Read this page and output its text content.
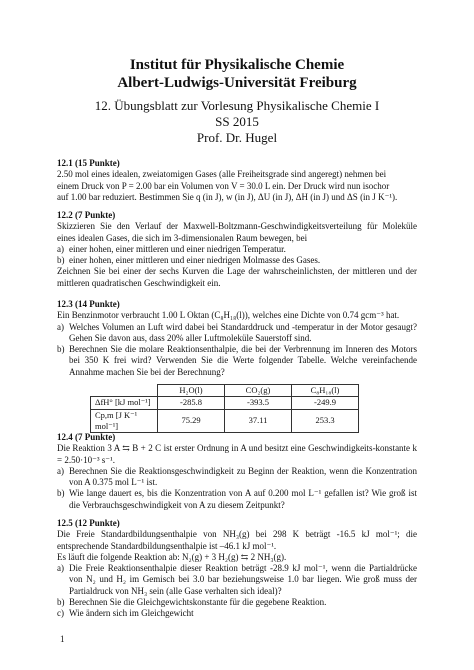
Institut für Physikalische Chemie
Albert-Ludwigs-Universität Freiburg
12. Übungsblatt zur Vorlesung Physikalische Chemie I
SS 2015
Prof. Dr. Hugel
12.1 (15 Punkte)
2.50 mol eines idealen, zweiatomigen Gases (alle Freiheitsgrade sind angeregt) nehmen bei
einem Druck von P = 2.00 bar ein Volumen von V = 30.0 L ein. Der Druck wird nun isochor
auf 1.00 bar reduziert. Bestimmen Sie q (in J), w (in J), ΔU (in J), ΔH (in J) und ΔS (in J K⁻¹).
12.2 (7 Punkte)
Skizzieren Sie den Verlauf der Maxwell-Boltzmann-Geschwindigkeitsverteilung für Moleküle eines idealen Gases, die sich im 3-dimensionalen Raum bewegen, bei
a) einer hohen, einer mittleren und einer niedrigen Temperatur.
b) einer hohen, einer mittleren und einer niedrigen Molmasse des Gases.
Zeichnen Sie bei einer der sechs Kurven die Lage der wahrscheinlichsten, der mittleren und der mittleren quadratischen Geschwindigkeit ein.
12.3 (14 Punkte)
Ein Benzinmotor verbraucht 1.00 L Oktan (C₈H₁₈(l)), welches eine Dichte von 0.74 gcm⁻³ hat.
a) Welches Volumen an Luft wird dabei bei Standarddruck und -temperatur in der Motor gesaugt? Gehen Sie davon aus, dass 20% aller Luftmoleküle Sauerstoff sind.
b) Berechnen Sie die molare Reaktionsenthalpie, die bei der Verbrennung im Inneren des Motors bei 350 K frei wird? Verwenden Sie die Werte folgender Tabelle. Welche vereinfachende Annahme machen Sie bei der Berechnung?
	H₂O(l)	CO₂(g)	C₈H₁₈(l)
ΔfH° [kJ mol⁻¹]	-285.8	-393.5	-249.9
Cp,m [J K⁻¹ mol⁻¹]	75.29	37.11	253.3
12.4 (7 Punkte)
Die Reaktion 3 A ⇆ B + 2 C ist erster Ordnung in A und besitzt eine Geschwindigkeits-konstante k = 2.50·10⁻³ s⁻¹.
a) Berechnen Sie die Reaktionsgeschwindigkeit zu Beginn der Reaktion, wenn die Konzentration von A 0.375 mol L⁻¹ ist.
b) Wie lange dauert es, bis die Konzentration von A auf 0.200 mol L⁻¹ gefallen ist? Wie groß ist die Verbrauchsgeschwindigkeit von A zu diesem Zeitpunkt?
12.5 (12 Punkte)
Die Freie Standardbildungsenthalpie von NH₃(g) bei 298 K beträgt -16.5 kJ mol⁻¹; die entsprechende Standardbildungsenthalpie ist –46.1 kJ mol⁻¹.
Es läuft die folgende Reaktion ab: N₂(g) + 3 H₂(g) ⇆ 2 NH₃(g).
a) Die Freie Reaktionsenthalpie dieser Reaktion beträgt -28.9 kJ mol⁻¹, wenn die Partialdrücke von N₂ und H₂ im Gemisch bei 3.0 bar beziehungsweise 1.0 bar liegen. Wie groß muss der Partialdruck von NH₃ sein (alle Gase verhalten sich ideal)?
b) Berechnen Sie die Gleichgewichtskonstante für die gegebene Reaktion.
c) Wie ändern sich im Gleichgewicht
1
